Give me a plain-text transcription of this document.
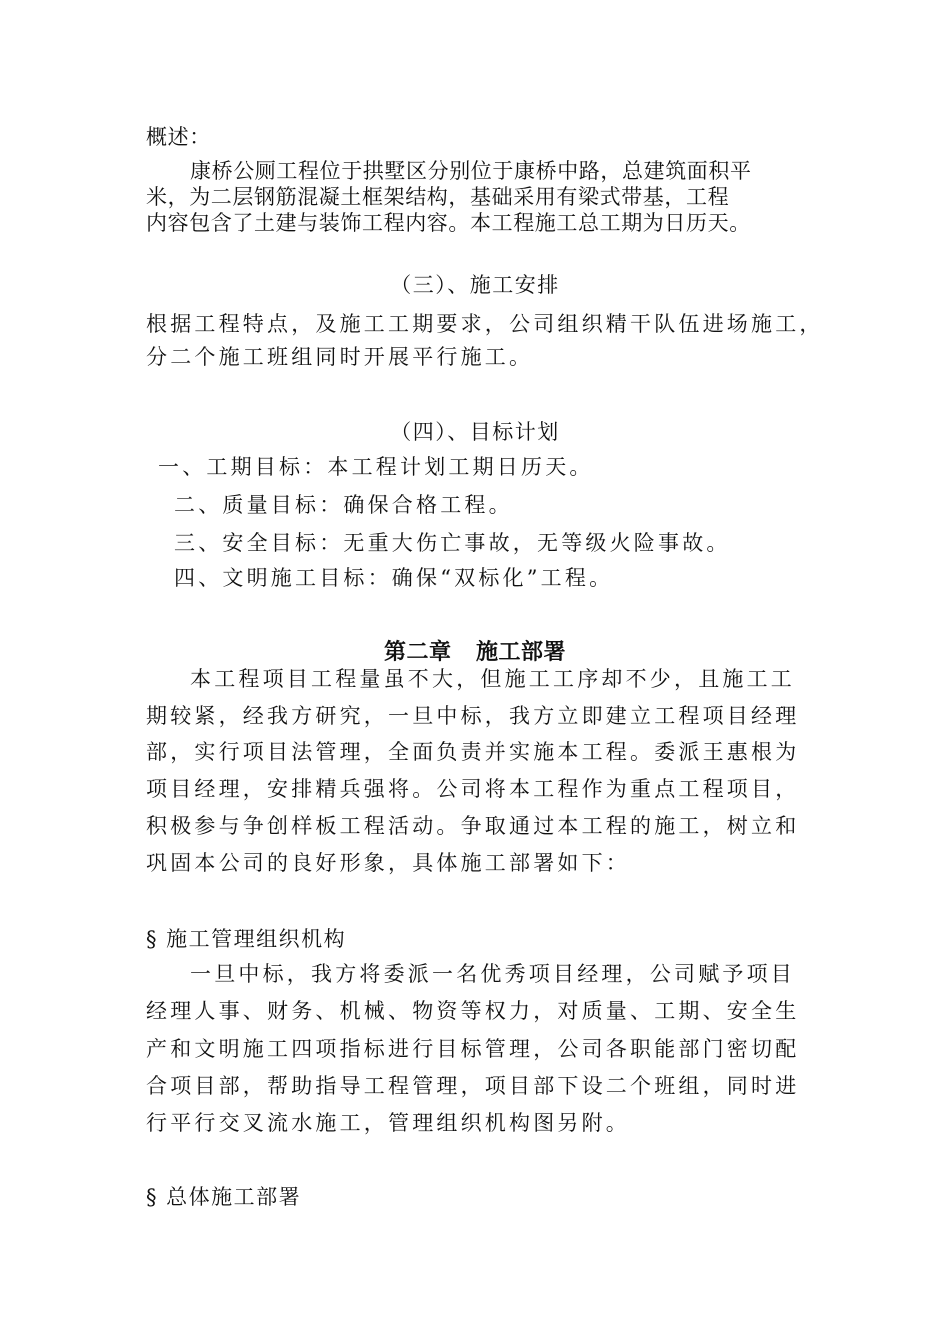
概述：
康桥公厕工程位于拱墅区分别位于康桥中路，总建筑面积平
米，为二层钢筋混凝土框架结构，基础采用有梁式带基，工程
内容包含了土建与装饰工程内容。本工程施工总工期为日历天。
（三）、施工安排
根据工程特点，及施工工期要求，公司组织精干队伍进场施工，
分二个施工班组同时开展平行施工。
（四）、目标计划
一、工期目标：本工程计划工期日历天。
二、质量目标：确保合格工程。
三、安全目标：无重大伤亡事故，无等级火险事故。
四、文明施工目标：确保“双标化”工程。
第二章   施工部署
本工程项目工程量虽不大，但施工工序却不少，且施工工
期较紧，经我方研究，一旦中标，我方立即建立工程项目经理
部，实行项目法管理，全面负责并实施本工程。委派王惠根为
项目经理，安排精兵强将。公司将本工程作为重点工程项目，
积极参与争创样板工程活动。争取通过本工程的施工，树立和
巩固本公司的良好形象，具体施工部署如下：
§ 施工管理组织机构
一旦中标，我方将委派一名优秀项目经理，公司赋予项目
经理人事、财务、机械、物资等权力，对质量、工期、安全生
产和文明施工四项指标进行目标管理，公司各职能部门密切配
合项目部，帮助指导工程管理，项目部下设二个班组，同时进
行平行交叉流水施工，管理组织机构图另附。
§ 总体施工部署
